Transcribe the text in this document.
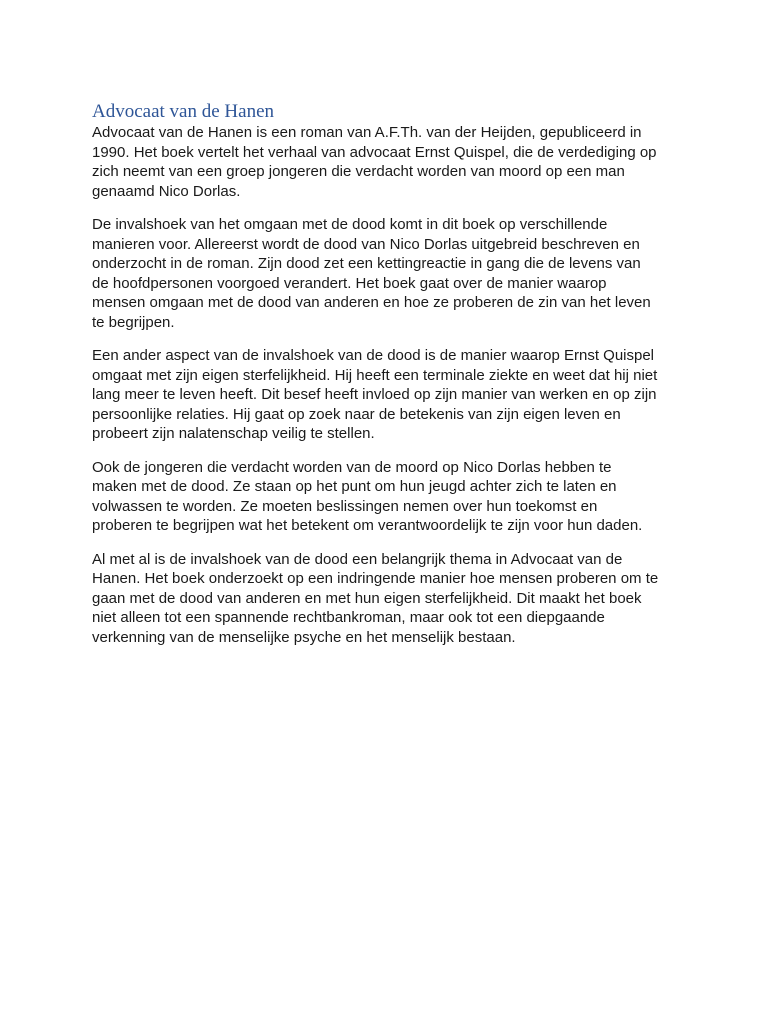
Advocaat van de Hanen

Advocaat van de Hanen is een roman van A.F.Th. van der Heijden, gepubliceerd in
1990. Het boek vertelt het verhaal van advocaat Ernst Quispel, die de verdediging op
zich neemt van een groep jongeren die verdacht worden van moord op een man
genaamd Nico Dorlas.

De invalshoek van het omgaan met de dood komt in dit boek op verschillende
manieren voor. Allereerst wordt de dood van Nico Dorlas uitgebreid beschreven en
onderzocht in de roman. Zijn dood zet een kettingreactie in gang die de levens van
de hoofdpersonen voorgoed verandert. Het boek gaat over de manier waarop
mensen omgaan met de dood van anderen en hoe ze proberen de zin van het leven
te begrijpen.

Een ander aspect van de invalshoek van de dood is de manier waarop Ernst Quispel
omgaat met zijn eigen sterfelijkheid. Hij heeft een terminale ziekte en weet dat hij niet
lang meer te leven heeft. Dit besef heeft invloed op zijn manier van werken en op zijn
persoonlijke relaties. Hij gaat op zoek naar de betekenis van zijn eigen leven en
probeert zijn nalatenschap veilig te stellen.

Ook de jongeren die verdacht worden van de moord op Nico Dorlas hebben te
maken met de dood. Ze staan op het punt om hun jeugd achter zich te laten en
volwassen te worden. Ze moeten beslissingen nemen over hun toekomst en
proberen te begrijpen wat het betekent om verantwoordelijk te zijn voor hun daden.

Al met al is de invalshoek van de dood een belangrijk thema in Advocaat van de
Hanen. Het boek onderzoekt op een indringende manier hoe mensen proberen om te
gaan met de dood van anderen en met hun eigen sterfelijkheid. Dit maakt het boek
niet alleen tot een spannende rechtbankroman, maar ook tot een diepgaande
verkenning van de menselijke psyche en het menselijk bestaan.
